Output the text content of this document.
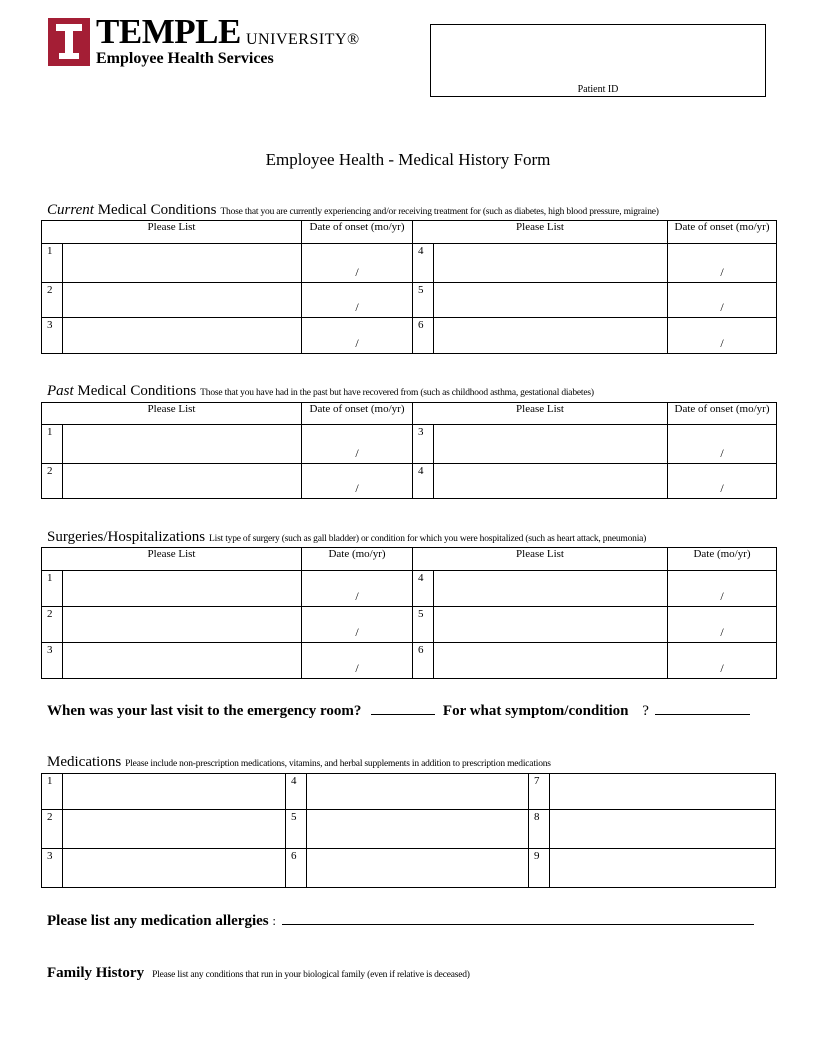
TEMPLE UNIVERSITY®
Employee Health Services
Patient ID
Employee Health - Medical History Form
Current Medical Conditions Those that you are currently experiencing and/or receiving treatment for (such as diabetes, high blood pressure, migraine)
Please List		Date of onset (mo/yr)	Please List		Date of onset (mo/yr)
1		/	4		/

2		/	5		/

3		/	6		/
Past Medical Conditions Those that you have had in the past but have recovered from (such as childhood asthma, gestational diabetes)
Please List		Date of onset (mo/yr)	Please List		Date of onset (mo/yr)
1		/	3		/

2		/	4		/
Surgeries/Hospitalizations List type of surgery (such as gall bladder) or condition for which you were hospitalized (such as heart attack, pneumonia)
Please List		Date (mo/yr)	Please List		Date (mo/yr)
1		/	4		/

2		/	5		/

3		/	6		/
When was your last visit to the emergency room?	For what symptom/condition ?
Medications Please include non-prescription medications, vitamins, and herbal supplements in addition to prescription medications
1		4		7	
2		5		8	
3		6		9	
Please list any medication allergies :
Family History Please list any conditions that run in your biological family (even if relative is deceased)
